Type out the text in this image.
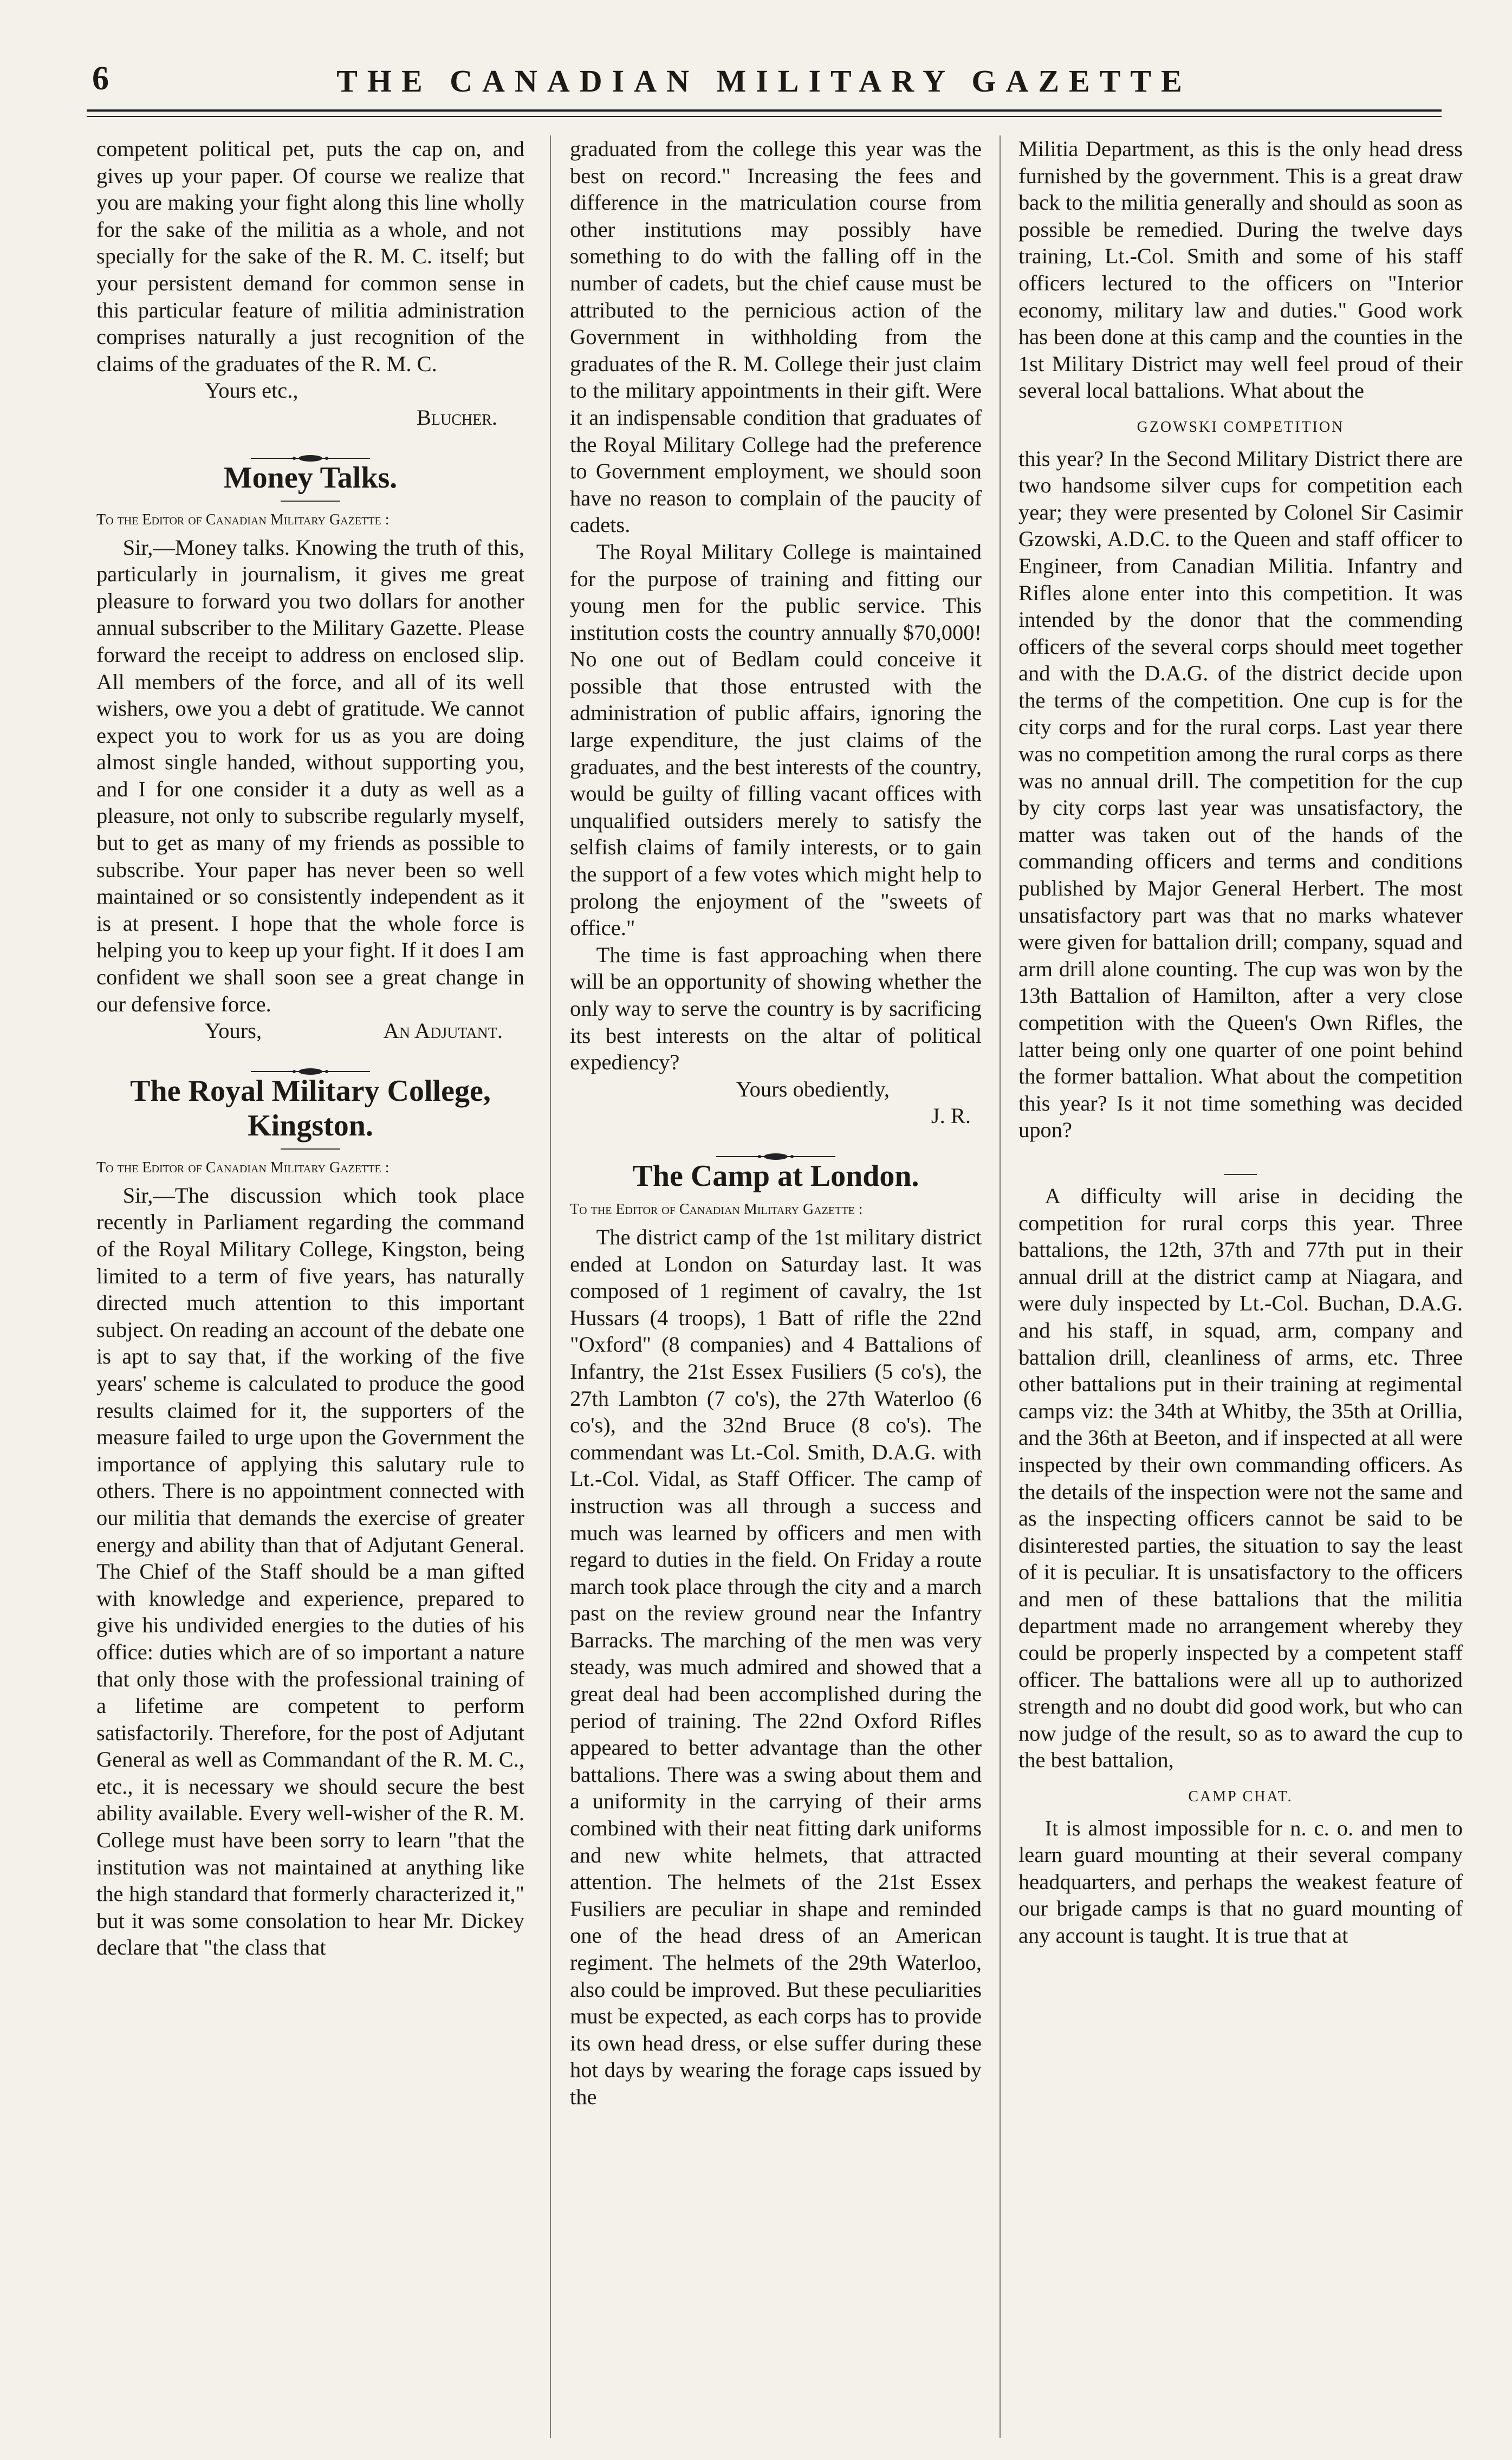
6	THE CANADIAN MILITARY GAZETTE

competent political pet, puts the cap on, and gives up your paper. Of course we realize that you are making your fight along this line wholly for the sake of the militia as a whole, and not specially for the sake of the R. M. C. itself; but your persistent demand for common sense in this particular feature of militia administration comprises naturally a just recognition of the claims of the graduates of the R. M. C.

Yours etc.,

Blucher.

Money Talks.

To the Editor of Canadian Military Gazette :

Sir,—Money talks. Knowing the truth of this, particularly in journalism, it gives me great pleasure to forward you two dollars for another annual subscriber to the Military Gazette. Please forward the receipt to address on enclosed slip. All members of the force, and all of its well wishers, owe you a debt of gratitude. We cannot expect you to work for us as you are doing almost single handed, without supporting you, and I for one consider it a duty as well as a pleasure, not only to subscribe regularly myself, but to get as many of my friends as possible to subscribe. Your paper has never been so well maintained or so consistently independent as it is at present. I hope that the whole force is helping you to keep up your fight. If it does I am confident we shall soon see a great change in our defensive force.

Yours,	An Adjutant.

The Royal Military College, Kingston.

To the Editor of Canadian Military Gazette :

Sir,—The discussion which took place recently in Parliament regarding the command of the Royal Military College, Kingston, being limited to a term of five years, has naturally directed much attention to this important subject. On reading an account of the debate one is apt to say that, if the working of the five years' scheme is calculated to produce the good results claimed for it, the supporters of the measure failed to urge upon the Government the importance of applying this salutary rule to others. There is no appointment connected with our militia that demands the exercise of greater energy and ability than that of Adjutant General. The Chief of the Staff should be a man gifted with knowledge and experience, prepared to give his undivided energies to the duties of his office: duties which are of so important a nature that only those with the professional training of a lifetime are competent to perform satisfactorily. Therefore, for the post of Adjutant General as well as Commandant of the R. M. C., etc., it is necessary we should secure the best ability available. Every well-wisher of the R. M. College must have been sorry to learn "that the institution was not maintained at anything like the high standard that formerly characterized it," but it was some consolation to hear Mr. Dickey declare that "the class that

graduated from the college this year was the best on record." Increasing the fees and difference in the matriculation course from other institutions may possibly have something to do with the falling off in the number of cadets, but the chief cause must be attributed to the pernicious action of the Government in withholding from the graduates of the R. M. College their just claim to the military appointments in their gift. Were it an indispensable condition that graduates of the Royal Military College had the preference to Government employment, we should soon have no reason to complain of the paucity of cadets.

The Royal Military College is maintained for the purpose of training and fitting our young men for the public service. This institution costs the country annually $70,000! No one out of Bedlam could conceive it possible that those entrusted with the administration of public affairs, ignoring the large expenditure, the just claims of the graduates, and the best interests of the country, would be guilty of filling vacant offices with unqualified outsiders merely to satisfy the selfish claims of family interests, or to gain the support of a few votes which might help to prolong the enjoyment of the "sweets of office."

The time is fast approaching when there will be an opportunity of showing whether the only way to serve the country is by sacrificing its best interests on the altar of political expediency?

Yours obediently,

J. R.

The Camp at London.

To the Editor of Canadian Military Gazette :

The district camp of the 1st military district ended at London on Saturday last. It was composed of 1 regiment of cavalry, the 1st Hussars (4 troops), 1 Batt of rifle the 22nd "Oxford" (8 companies) and 4 Battalions of Infantry, the 21st Essex Fusiliers (5 co's), the 27th Lambton (7 co's), the 27th Waterloo (6 co's), and the 32nd Bruce (8 co's). The commendant was Lt.-Col. Smith, D.A.G. with Lt.-Col. Vidal, as Staff Officer. The camp of instruction was all through a success and much was learned by officers and men with regard to duties in the field. On Friday a route march took place through the city and a march past on the review ground near the Infantry Barracks. The marching of the men was very steady, was much admired and showed that a great deal had been accomplished during the period of training. The 22nd Oxford Rifles appeared to better advantage than the other battalions. There was a swing about them and a uniformity in the carrying of their arms combined with their neat fitting dark uniforms and new white helmets, that attracted attention. The helmets of the 21st Essex Fusiliers are peculiar in shape and reminded one of the head dress of an American regiment. The helmets of the 29th Waterloo, also could be improved. But these peculiarities must be expected, as each corps has to provide its own head dress, or else suffer during these hot days by wearing the forage caps issued by the

Militia Department, as this is the only head dress furnished by the government. This is a great draw back to the militia generally and should as soon as possible be remedied. During the twelve days training, Lt.-Col. Smith and some of his staff officers lectured to the officers on "Interior economy, military law and duties." Good work has been done at this camp and the counties in the 1st Military District may well feel proud of their several local battalions. What about the

GZOWSKI COMPETITION

this year? In the Second Military District there are two handsome silver cups for competition each year; they were presented by Colonel Sir Casimir Gzowski, A.D.C. to the Queen and staff officer to Engineer, from Canadian Militia. Infantry and Rifles alone enter into this competition. It was intended by the donor that the commending officers of the several corps should meet together and with the D.A.G. of the district decide upon the terms of the competition. One cup is for the city corps and for the rural corps. Last year there was no competition among the rural corps as there was no annual drill. The competition for the cup by city corps last year was unsatisfactory, the matter was taken out of the hands of the commanding officers and terms and conditions published by Major General Herbert. The most unsatisfactory part was that no marks whatever were given for battalion drill; company, squad and arm drill alone counting. The cup was won by the 13th Battalion of Hamilton, after a very close competition with the Queen's Own Rifles, the latter being only one quarter of one point behind the former battalion. What about the competition this year? Is it not time something was decided upon?

A difficulty will arise in deciding the competition for rural corps this year. Three battalions, the 12th, 37th and 77th put in their annual drill at the district camp at Niagara, and were duly inspected by Lt.-Col. Buchan, D.A.G. and his staff, in squad, arm, company and battalion drill, cleanliness of arms, etc. Three other battalions put in their training at regimental camps viz: the 34th at Whitby, the 35th at Orillia, and the 36th at Beeton, and if inspected at all were inspected by their own commanding officers. As the details of the inspection were not the same and as the inspecting officers cannot be said to be disinterested parties, the situation to say the least of it is peculiar. It is unsatisfactory to the officers and men of these battalions that the militia department made no arrangement whereby they could be properly inspected by a competent staff officer. The battalions were all up to authorized strength and no doubt did good work, but who can now judge of the result, so as to award the cup to the best battalion,

CAMP CHAT.

It is almost impossible for n. c. o. and men to learn guard mounting at their several company headquarters, and perhaps the weakest feature of our brigade camps is that no guard mounting of any account is taught. It is true that at
